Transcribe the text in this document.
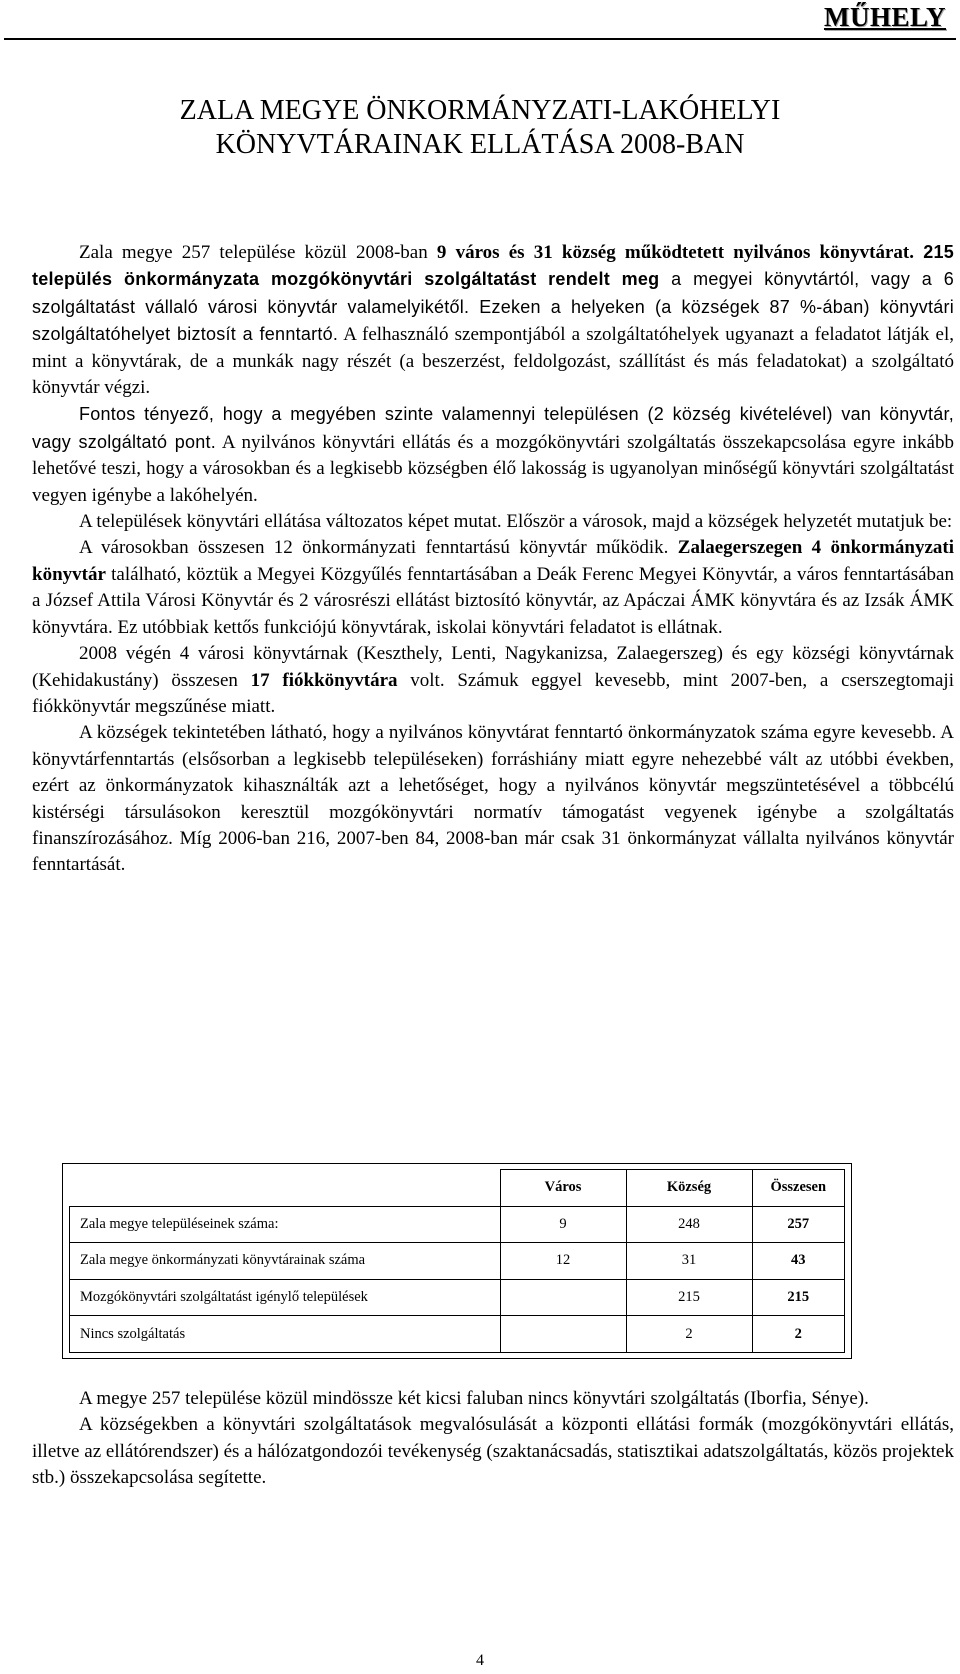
MŰHELY
ZALA MEGYE ÖNKORMÁNYZATI-LAKÓHELYI
KÖNYVTÁRAINAK ELLÁTÁSA 2008-BAN

Zala megye 257 települése közül 2008-ban 9 város és 31 község működtetett nyilvános könyvtárat. 215 település önkormányzata mozgókönyvtári szolgáltatást rendelt meg a megyei könyvtártól, vagy a 6 szolgáltatást vállaló városi könyvtár valamelyikétől. Ezeken a helyeken (a községek 87 %-ában) könyvtári szolgáltatóhelyet biztosít a fenntartó. A felhasználó szempontjából a szolgáltatóhelyek ugyanazt a feladatot látják el, mint a könyvtárak, de a munkák nagy részét (a beszerzést, feldolgozást, szállítást és más feladatokat) a szolgáltató könyvtár végzi.

Fontos tényező, hogy a megyében szinte valamennyi településen (2 község kivételével) van könyvtár, vagy szolgáltató pont. A nyilvános könyvtári ellátás és a mozgókönyvtári szolgáltatás összekapcsolása egyre inkább lehetővé teszi, hogy a városokban és a legkisebb községben élő lakosság is ugyanolyan minőségű könyvtári szolgáltatást vegyen igénybe a lakóhelyén.

A települések könyvtári ellátása változatos képet mutat. Először a városok, majd a községek helyzetét mutatjuk be:

A városokban összesen 12 önkormányzati fenntartású könyvtár működik. Zalaegerszegen 4 önkormányzati könyvtár található, köztük a Megyei Közgyűlés fenntartásában a Deák Ferenc Megyei Könyvtár, a város fenntartásában a József Attila Városi Könyvtár és 2 városrészi ellátást biztosító könyvtár, az Apáczai ÁMK könyvtára és az Izsák ÁMK könyvtára. Ez utóbbiak kettős funkciójú könyvtárak, iskolai könyvtári feladatot is ellátnak.

2008 végén 4 városi könyvtárnak (Keszthely, Lenti, Nagykanizsa, Zalaegerszeg) és egy községi könyvtárnak (Kehidakustány) összesen 17 fiókkönyvtára volt. Számuk eggyel kevesebb, mint 2007-ben, a cserszegtomaji fiókkönyvtár megszűnése miatt.

A községek tekintetében látható, hogy a nyilvános könyvtárat fenntartó önkormányzatok száma egyre kevesebb. A könyvtárfenntartás (elsősorban a legkisebb településeken) forráshiány miatt egyre nehezebbé vált az utóbbi években, ezért az önkormányzatok kihasználták azt a lehetőséget, hogy a nyilvános könyvtár megszüntetésével a többcélú kistérségi társulásokon keresztül mozgókönyvtári normatív támogatást vegyenek igénybe a szolgáltatás finanszírozásához. Míg 2006-ban 216, 2007-ben 84, 2008-ban már csak 31 önkormányzat vállalta nyilvános könyvtár fenntartását.

	Város	Község	Összesen
Zala megye településeinek száma:	9	248	257
Zala megye önkormányzati könyvtárainak száma	12	31	43
Mozgókönyvtári szolgáltatást igénylő települések		215	215
Nincs szolgáltatás		2	2

A megye 257 települése közül mindössze két kicsi faluban nincs könyvtári szolgáltatás (Iborfia, Sénye).

A községekben a könyvtári szolgáltatások megvalósulását a központi ellátási formák (mozgókönyvtári ellátás, illetve az ellátórendszer) és a hálózatgondozói tevékenység (szaktanácsadás, statisztikai adatszolgáltatás, közös projektek stb.) összekapcsolása segítette.

4
